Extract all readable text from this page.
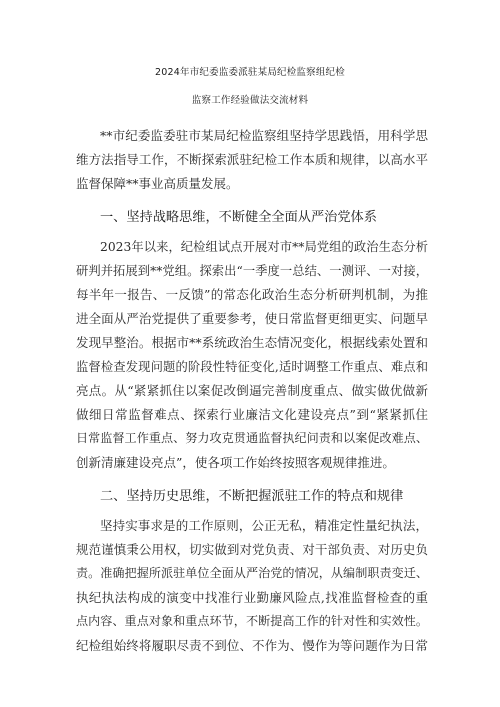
2024年市纪委监委派驻某局纪检监察组纪检
监察工作经验做法交流材料
**市纪委监委驻市某局纪检监察组坚持学思践悟，用科学思
维方法指导工作，不断探索派驻纪检工作本质和规律，以高水平
监督保障**事业高质量发展。
一、坚持战略思维，不断健全全面从严治党体系
2023年以来，纪检组试点开展对市**局党组的政治生态分析
研判并拓展到**党组。探索出“一季度一总结、一测评、一对接，
每半年一报告、一反馈”的常态化政治生态分析研判机制，为推
进全面从严治党提供了重要参考，使日常监督更细更实、问题早
发现早整治。根据市**系统政治生态情况变化，根据线索处置和
监督检查发现问题的阶段性特征变化,适时调整工作重点、难点和
亮点。从“紧紧抓住以案促改倒逼完善制度重点、做实做优做新
做细日常监督难点、探索行业廉洁文化建设亮点”到“紧紧抓住
日常监督工作重点、努力攻克贯通监督执纪问责和以案促改难点、
创新清廉建设亮点”，使各项工作始终按照客观规律推进。
二、坚持历史思维，不断把握派驻工作的特点和规律
坚持实事求是的工作原则，公正无私，精准定性量纪执法，
规范谨慎秉公用权，切实做到对党负责、对干部负责、对历史负
责。准确把握所派驻单位全面从严治党的情况，从编制职责变迁、
执纪执法构成的演变中找准行业勤廉风险点,找准监督检查的重
点内容、重点对象和重点环节，不断提高工作的针对性和实效性。
纪检组始终将履职尽责不到位、不作为、慢作为等问题作为日常
